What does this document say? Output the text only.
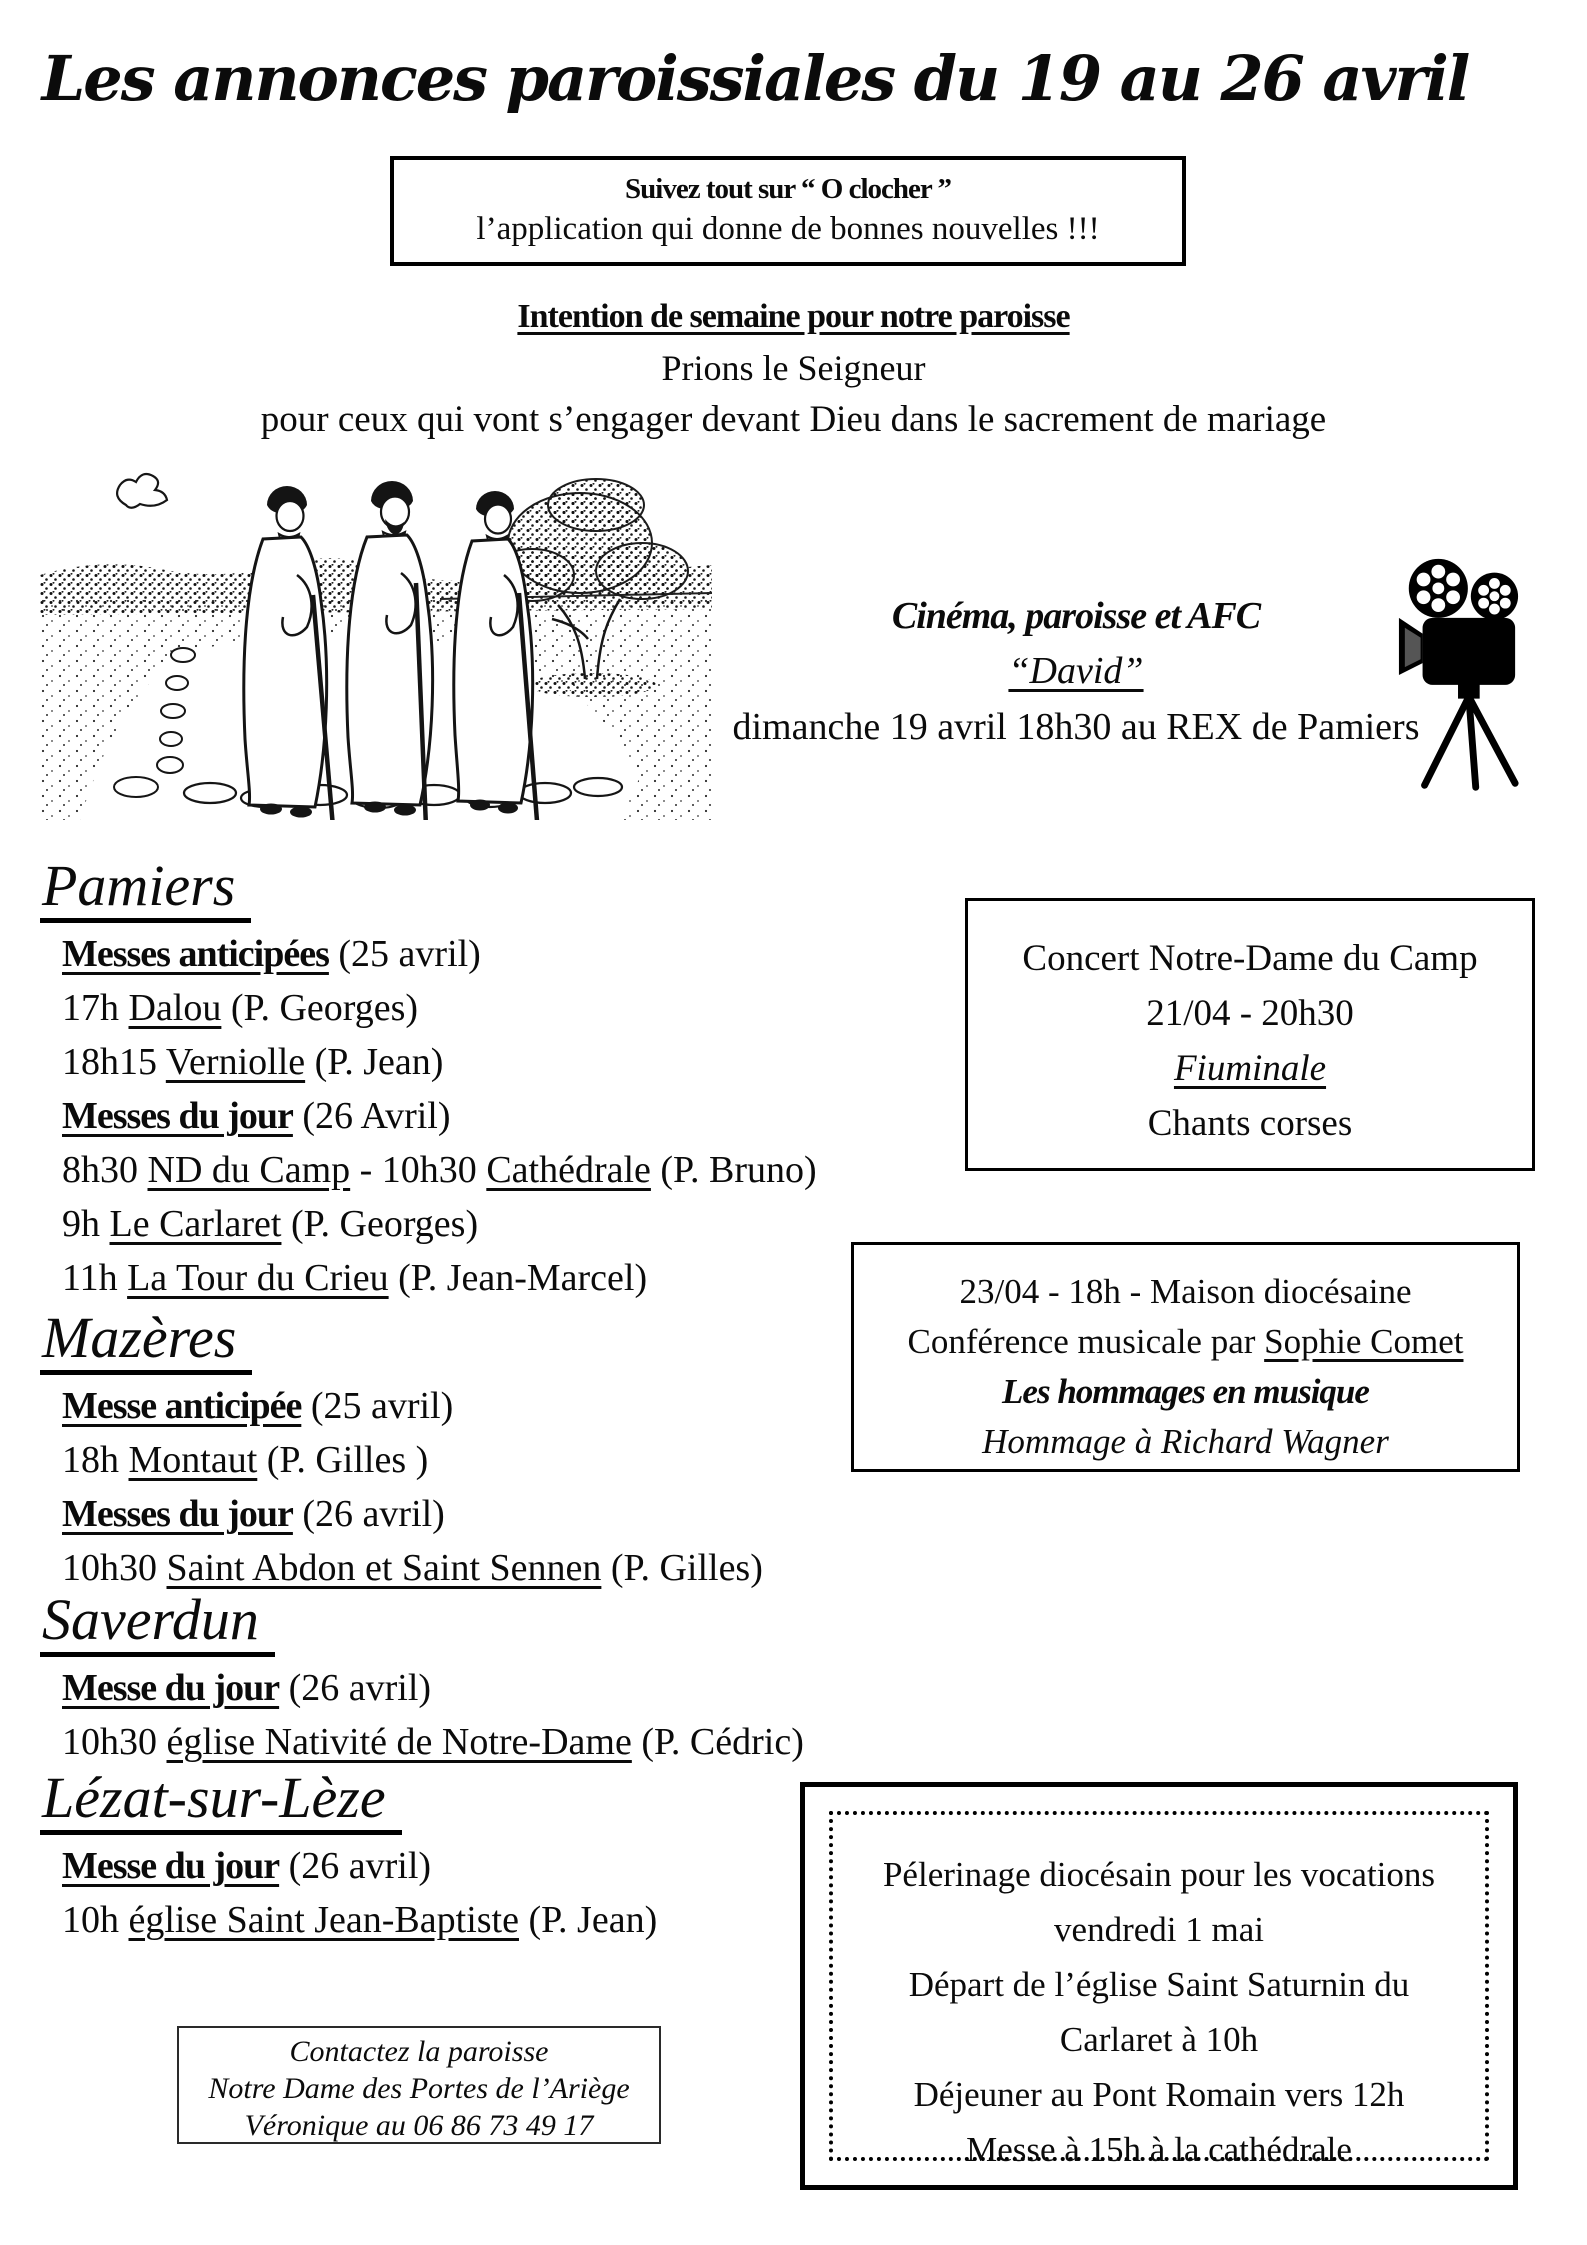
Les annonces paroissiales du 19 au 26 avril
Suivez tout sur “ O clocher ”
l’application qui donne de bonnes nouvelles !!!
Intention de semaine pour notre paroisse
Prions le Seigneur
pour ceux qui vont s’engager devant Dieu dans le sacrement de mariage
Cinéma, paroisse et AFC
“David”
dimanche 19 avril 18h30 au REX de Pamiers
Pamiers
Messes anticipées (25 avril)
17h Dalou (P. Georges)
18h15 Verniolle (P. Jean)
Messes du jour (26 Avril)
8h30 ND du Camp - 10h30 Cathédrale (P. Bruno)
9h Le Carlaret (P. Georges)
11h La Tour du Crieu (P. Jean-Marcel)
Mazères
Messe anticipée (25 avril)
18h Montaut (P. Gilles )
Messes du jour (26 avril)
10h30 Saint Abdon et Saint Sennen (P. Gilles)
Saverdun
Messe du jour (26 avril)
10h30 église Nativité de Notre-Dame (P. Cédric)
Lézat-sur-Lèze
Messe du jour (26 avril)
10h église Saint Jean-Baptiste (P. Jean)
Concert Notre-Dame du Camp
21/04 - 20h30
Fiuminale
Chants corses
23/04 - 18h - Maison diocésaine
Conférence musicale par Sophie Comet
Les hommages en musique
Hommage à Richard Wagner
Pélerinage diocésain pour les vocations
vendredi 1 mai
Départ de l’église Saint Saturnin du
Carlaret à 10h
Déjeuner au Pont Romain vers 12h
Messe à 15h à la cathédrale
Contactez la paroisse
Notre Dame des Portes de l’Ariège
Véronique au 06 86 73 49 17
